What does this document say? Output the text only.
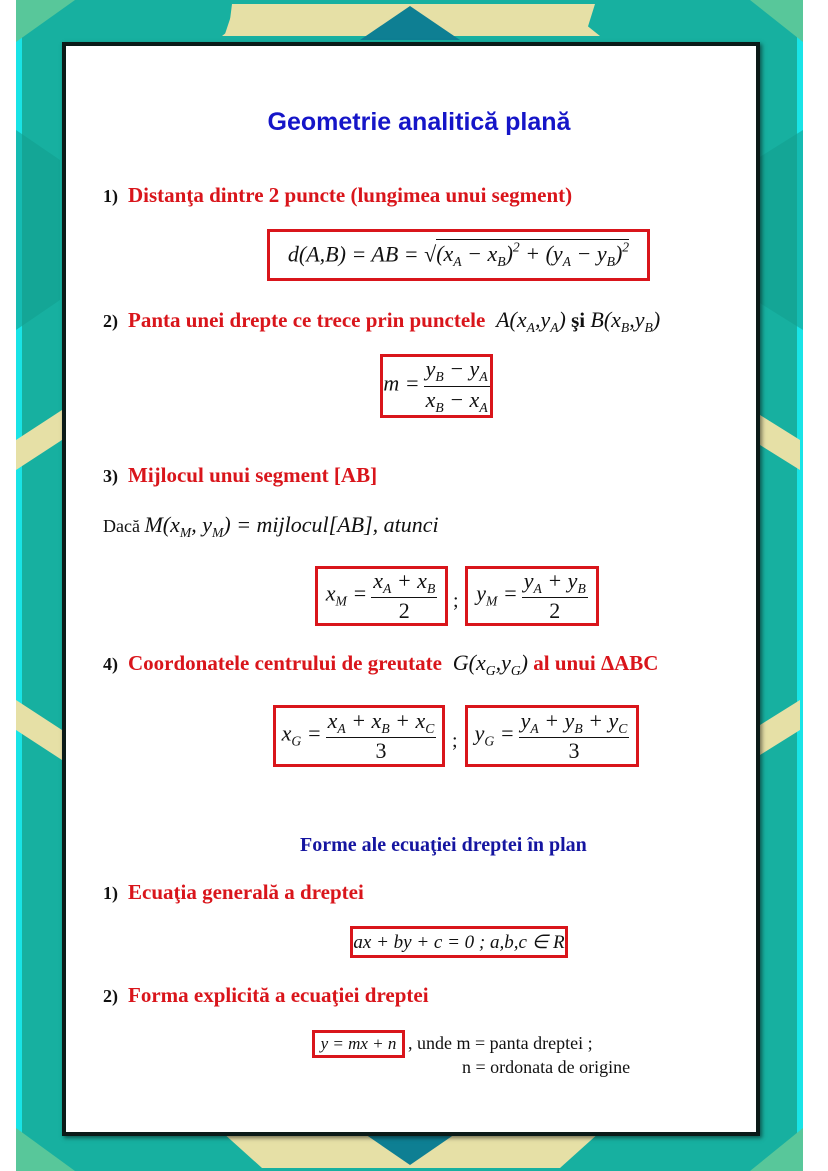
Geometrie analitică plană
1) Distanţa dintre 2 puncte (lungimea unui segment)
d(A,B) = AB = $√(x_A - x_B)^2 + (y_A - y_B)^2$
2) Panta unei drepte ce trece prin punctele  $A(x_A,y_A)$ şi $B(x_B,y_B)$
$m = \frac{y_B - y_A}{x_B - x_A}$
3) Mijlocul unui segment [AB]
Dacă $M(x_M$, $y_M$) = mijlocul[AB], atunci
$x_M = \frac{x_A + x_B}{2}$ ; $y_M = \frac{y_A + y_B}{2}$
4) Coordonatele centrului de greutate  $G(x_G,y_G)$ al unui ΔABC
$x_G = \frac{x_A + x_B + x_C}{3}$ ; $y_G = \frac{y_A + y_B + y_C}{3}$
Forme ale ecuaţiei dreptei în plan
1) Ecuaţia generală a dreptei
ax + by + c = 0 ; a,b,c ∈ R
2) Forma explicită a ecuaţiei dreptei
y = mx + n , unde m = panta dreptei ;
n = ordonata de origine
